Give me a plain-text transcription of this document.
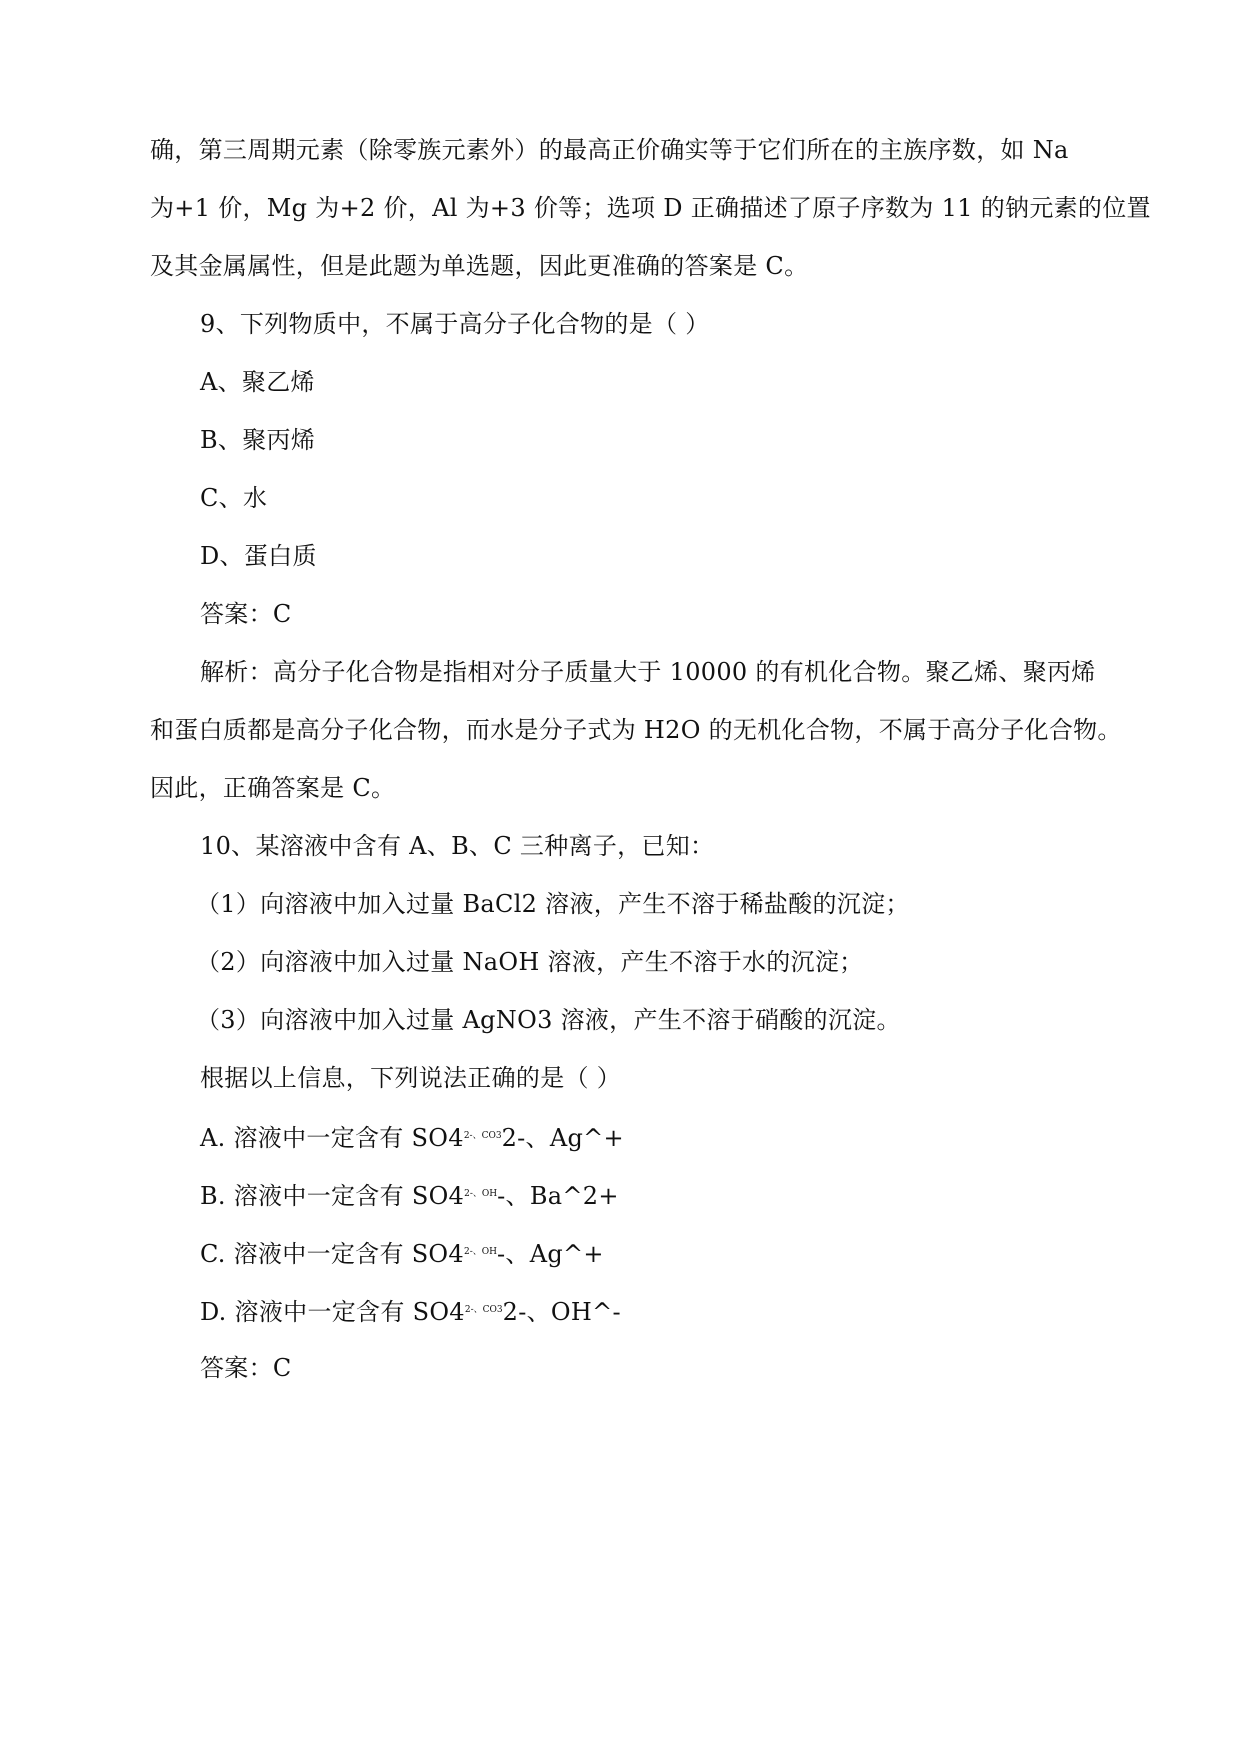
确，第三周期元素（除零族元素外）的最高正价确实等于它们所在的主族序数，如 Na
为+1 价，Mg 为+2 价，Al 为+3 价等；选项 D 正确描述了原子序数为 11 的钠元素的位置
及其金属属性，但是此题为单选题，因此更准确的答案是 C。
9、下列物质中，不属于高分子化合物的是（ ）
A、聚乙烯
B、聚丙烯
C、水
D、蛋白质
答案：C
解析：高分子化合物是指相对分子质量大于 10000 的有机化合物。聚乙烯、聚丙烯
和蛋白质都是高分子化合物，而水是分子式为 H2O 的无机化合物，不属于高分子化合物。
因此，正确答案是 C。
10、某溶液中含有 A、B、C 三种离子，已知：
（1）向溶液中加入过量 BaCl2 溶液，产生不溶于稀盐酸的沉淀；
（2）向溶液中加入过量 NaOH 溶液，产生不溶于水的沉淀；
（3）向溶液中加入过量 AgNO3 溶液，产生不溶于硝酸的沉淀。
根据以上信息，下列说法正确的是（ ）
A. 溶液中一定含有 $SO4^{2-、CO3}2-$、Ag^+
B. 溶液中一定含有 $SO4^{2-、OH}-$、Ba^2+
C. 溶液中一定含有 $SO4^{2-、OH}-$、Ag^+
D. 溶液中一定含有 $SO4^{2-、CO3}2-$、OH^-
答案：C
